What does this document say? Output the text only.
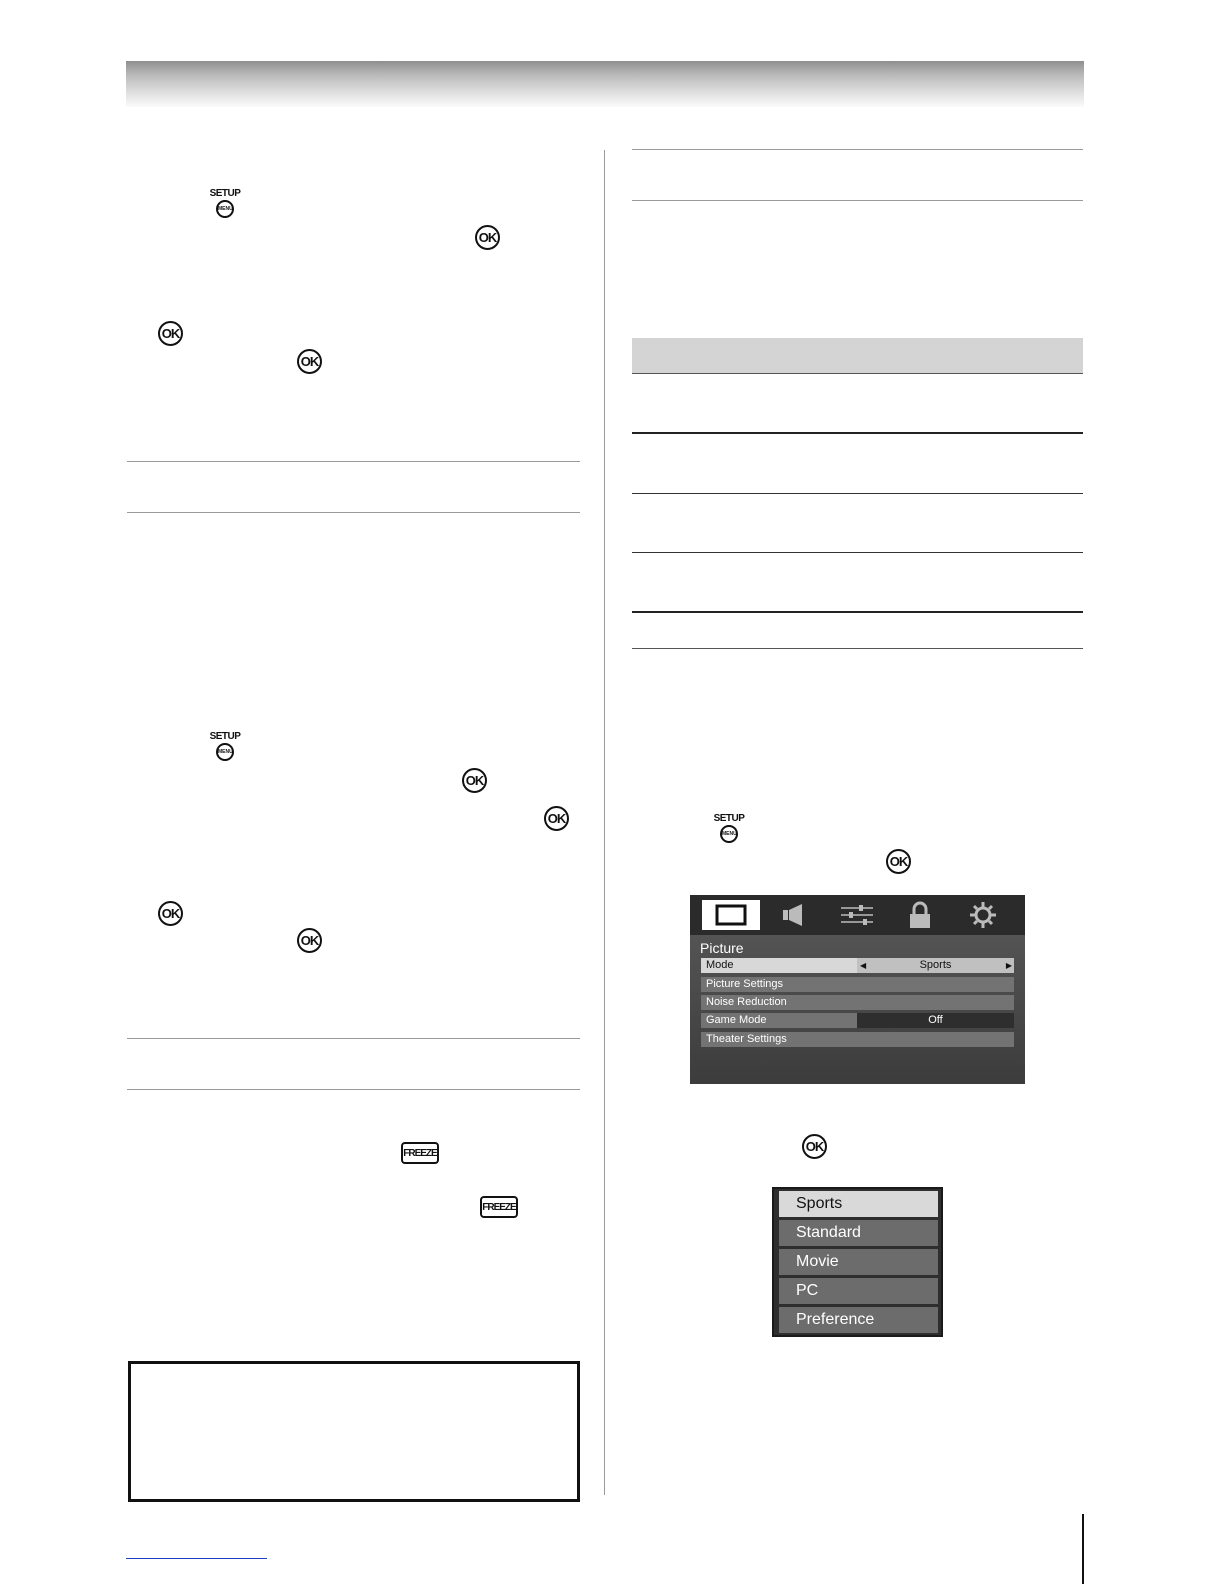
SETUP
MENU
OK
OK
OK
SETUP
MENU
OK
OK
OK
OK
FREEZE
FREEZE
SETUP
MENU
OK
Picture
Mode	◀	Sports	▶
Picture Settings
Noise Reduction
Game Mode	Off
Theater Settings
OK
Sports
Standard
Movie
PC
Preference
